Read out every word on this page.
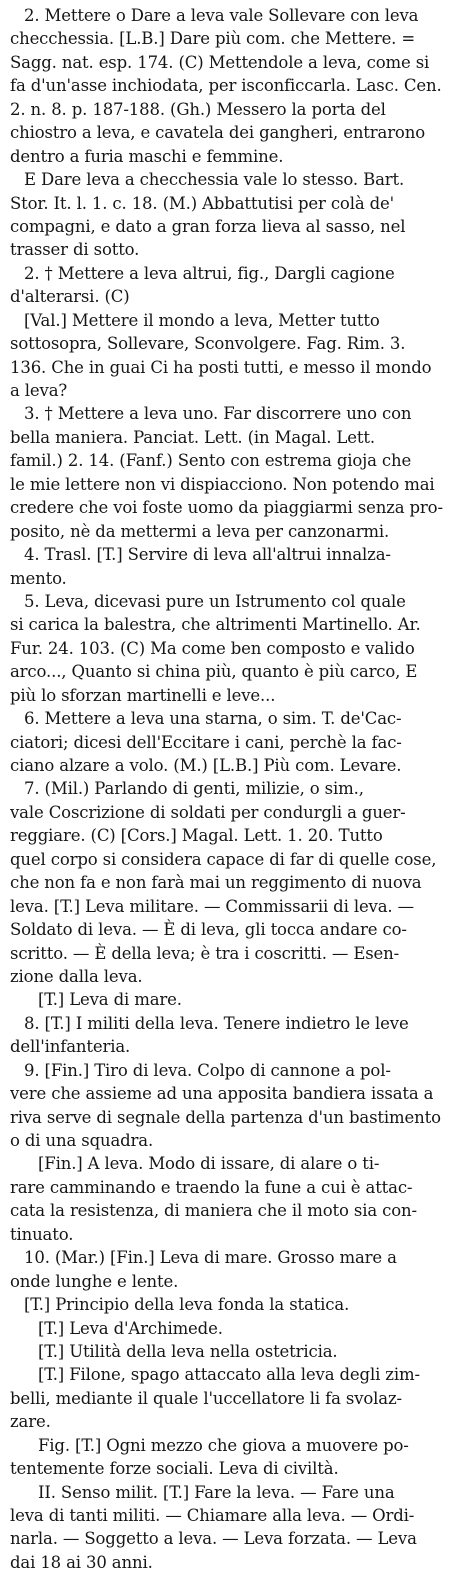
2. Mettere o Dare a leva vale Sollevare con leva
checchessia. [L.B.] Dare più com. che Mettere. =
Sagg. nat. esp. 174. (C) Mettendole a leva, come si
fa d'un'asse inchiodata, per isconficcarla. Lasc. Cen.
2. n. 8. p. 187-188. (Gh.) Messero la porta del
chiostro a leva, e cavatela dei gangheri, entrarono
dentro a furia maschi e femmine.
E Dare leva a checchessia vale lo stesso. Bart.
Stor. It. l. 1. c. 18. (M.) Abbattutisi per colà de'
compagni, e dato a gran forza lieva al sasso, nel
trasser di sotto.
2. † Mettere a leva altrui, fig., Dargli cagione
d'alterarsi. (C)
[Val.] Mettere il mondo a leva, Metter tutto
sottosopra, Sollevare, Sconvolgere. Fag. Rim. 3.
136. Che in guai Ci ha posti tutti, e messo il mondo
a leva?
3. † Mettere a leva uno. Far discorrere uno con
bella maniera. Panciat. Lett. (in Magal. Lett.
famil.) 2. 14. (Fanf.) Sento con estrema gioja che
le mie lettere non vi dispiacciono. Non potendo mai
credere che voi foste uomo da piaggiarmi senza pro-
posito, nè da mettermi a leva per canzonarmi.
4. Trasl. [T.] Servire di leva all'altrui innalza-
mento.
5. Leva, dicevasi pure un Istrumento col quale
si carica la balestra, che altrimenti Martinello. Ar.
Fur. 24. 103. (C) Ma come ben composto e valido
arco..., Quanto si china più, quanto è più carco, E
più lo sforzan martinelli e leve...
6. Mettere a leva una starna, o sim. T. de'Cac-
ciatori; dicesi dell'Eccitare i cani, perchè la fac-
ciano alzare a volo. (M.) [L.B.] Più com. Levare.
7. (Mil.) Parlando di genti, milizie, o sim.,
vale Coscrizione di soldati per condurgli a guer-
reggiare. (C) [Cors.] Magal. Lett. 1. 20. Tutto
quel corpo si considera capace di far di quelle cose,
che non fa e non farà mai un reggimento di nuova
leva. [T.] Leva militare. — Commissarii di leva. —
Soldato di leva. — È di leva, gli tocca andare co-
scritto. — È della leva; è tra i coscritti. — Esen-
zione dalla leva.
[T.] Leva di mare.
8. [T.] I militi della leva. Tenere indietro le leve
dell'infanteria.
9. [Fin.] Tiro di leva. Colpo di cannone a pol-
vere che assieme ad una apposita bandiera issata a
riva serve di segnale della partenza d'un bastimento
o di una squadra.
[Fin.] A leva. Modo di issare, di alare o ti-
rare camminando e traendo la fune a cui è attac-
cata la resistenza, di maniera che il moto sia con-
tinuato.
10. (Mar.) [Fin.] Leva di mare. Grosso mare a
onde lunghe e lente.
[T.] Principio della leva fonda la statica.
[T.] Leva d'Archimede.
[T.] Utilità della leva nella ostetricia.
[T.] Filone, spago attaccato alla leva degli zim-
belli, mediante il quale l'uccellatore li fa svolaz-
zare.
Fig. [T.] Ogni mezzo che giova a muovere po-
tentemente forze sociali. Leva di civiltà.
II. Senso milit. [T.] Fare la leva. — Fare una
leva di tanti militi. — Chiamare alla leva. — Ordi-
narla. — Soggetto a leva. — Leva forzata. — Leva
dai 18 ai 30 anni.
